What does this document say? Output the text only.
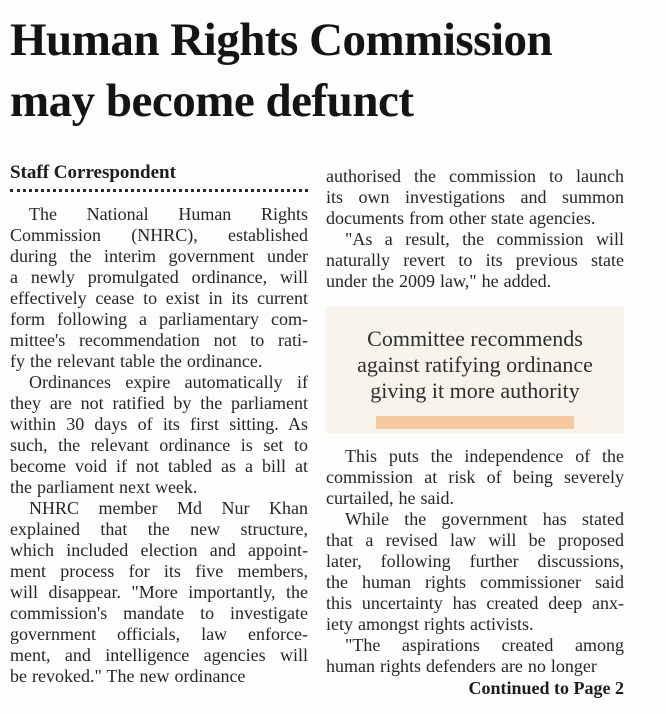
Human Rights Commission
may become defunct
Staff Correspondent
The National Human Rights
Commission (NHRC), established
during the interim government under
a newly promulgated ordinance, will
effectively cease to exist in its current
form following a parliamentary com-
mittee's recommendation not to rati-
fy the relevant table the ordinance.
Ordinances expire automatically if
they are not ratified by the parliament
within 30 days of its first sitting. As
such, the relevant ordinance is set to
become void if not tabled as a bill at
the parliament next week.
NHRC member Md Nur Khan
explained that the new structure,
which included election and appoint-
ment process for its five members,
will disappear. "More importantly, the
commission's mandate to investigate
government officials, law enforce-
ment, and intelligence agencies will
be revoked." The new ordinance
authorised the commission to launch
its own investigations and summon
documents from other state agencies.
"As a result, the commission will
naturally revert to its previous state
under the 2009 law," he added.
Committee recommends
against ratifying ordinance
giving it more authority
This puts the independence of the
commission at risk of being severely
curtailed, he said.
While the government has stated
that a revised law will be proposed
later, following further discussions,
the human rights commissioner said
this uncertainty has created deep anx-
iety amongst rights activists.
"The aspirations created among
human rights defenders are no longer
Continued to Page 2
